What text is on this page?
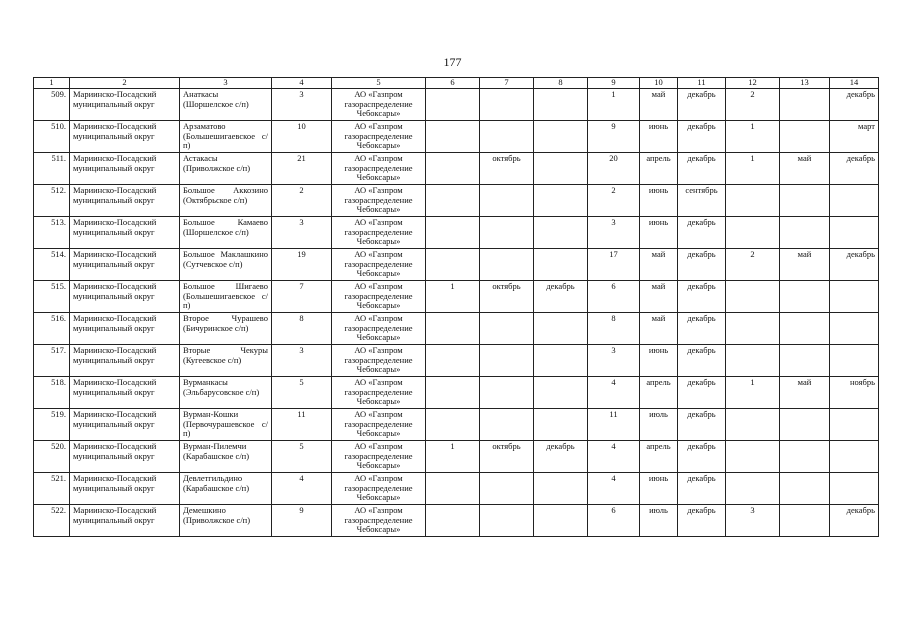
177
1	2	3	4	5	6	7	8	9	10	11	12	13	14
509.	Мариинско-Посадский муниципальный округ	Анаткасы (Шоршелское с/п)	3	АО «Газпром газораспределение Чебоксары»				1	май	декабрь	2		декабрь
510.	Мариинско-Посадский муниципальный округ	Арзаматово (Большешигаевское с/п)	10	АО «Газпром газораспределение Чебоксары»				9	июнь	декабрь	1		март
511.	Мариинско-Посадский муниципальный округ	Астакасы (Приволжское с/п)	21	АО «Газпром газораспределение Чебоксары»		октябрь		20	апрель	декабрь	1	май	декабрь
512.	Мариинско-Посадский муниципальный округ	Большое Аккозино (Октябрьское с/п)	2	АО «Газпром газораспределение Чебоксары»				2	июнь	сентябрь			
513.	Мариинско-Посадский муниципальный округ	Большое Камаево (Шоршелское с/п)	3	АО «Газпром газораспределение Чебоксары»				3	июнь	декабрь			
514.	Мариинско-Посадский муниципальный округ	Большое Маклашкино (Сутчевское с/п)	19	АО «Газпром газораспределение Чебоксары»				17	май	декабрь	2	май	декабрь
515.	Мариинско-Посадский муниципальный округ	Большое Шигаево (Большешигаевское с/п)	7	АО «Газпром газораспределение Чебоксары»	1	октябрь	декабрь	6	май	декабрь			
516.	Мариинско-Посадский муниципальный округ	Второе Чурашево (Бичуринское с/п)	8	АО «Газпром газораспределение Чебоксары»				8	май	декабрь			
517.	Мариинско-Посадский муниципальный округ	Вторые Чекуры (Кугеевское с/п)	3	АО «Газпром газораспределение Чебоксары»				3	июнь	декабрь			
518.	Мариинско-Посадский муниципальный округ	Вурманкасы (Эльбарусовское с/п)	5	АО «Газпром газораспределение Чебоксары»				4	апрель	декабрь	1	май	ноябрь
519.	Мариинско-Посадский муниципальный округ	Вурман-Кошки (Первочурашевское с/п)	11	АО «Газпром газораспределение Чебоксары»				11	июль	декабрь			
520.	Мариинско-Посадский муниципальный округ	Вурман-Пилемчи (Карабашское с/п)	5	АО «Газпром газораспределение Чебоксары»	1	октябрь	декабрь	4	апрель	декабрь			
521.	Мариинско-Посадский муниципальный округ	Девлетгильдино (Карабашское с/п)	4	АО «Газпром газораспределение Чебоксары»				4	июнь	декабрь			
522.	Мариинско-Посадский муниципальный округ	Демешкино (Приволжское с/п)	9	АО «Газпром газораспределение Чебоксары»				6	июль	декабрь	3		декабрь
